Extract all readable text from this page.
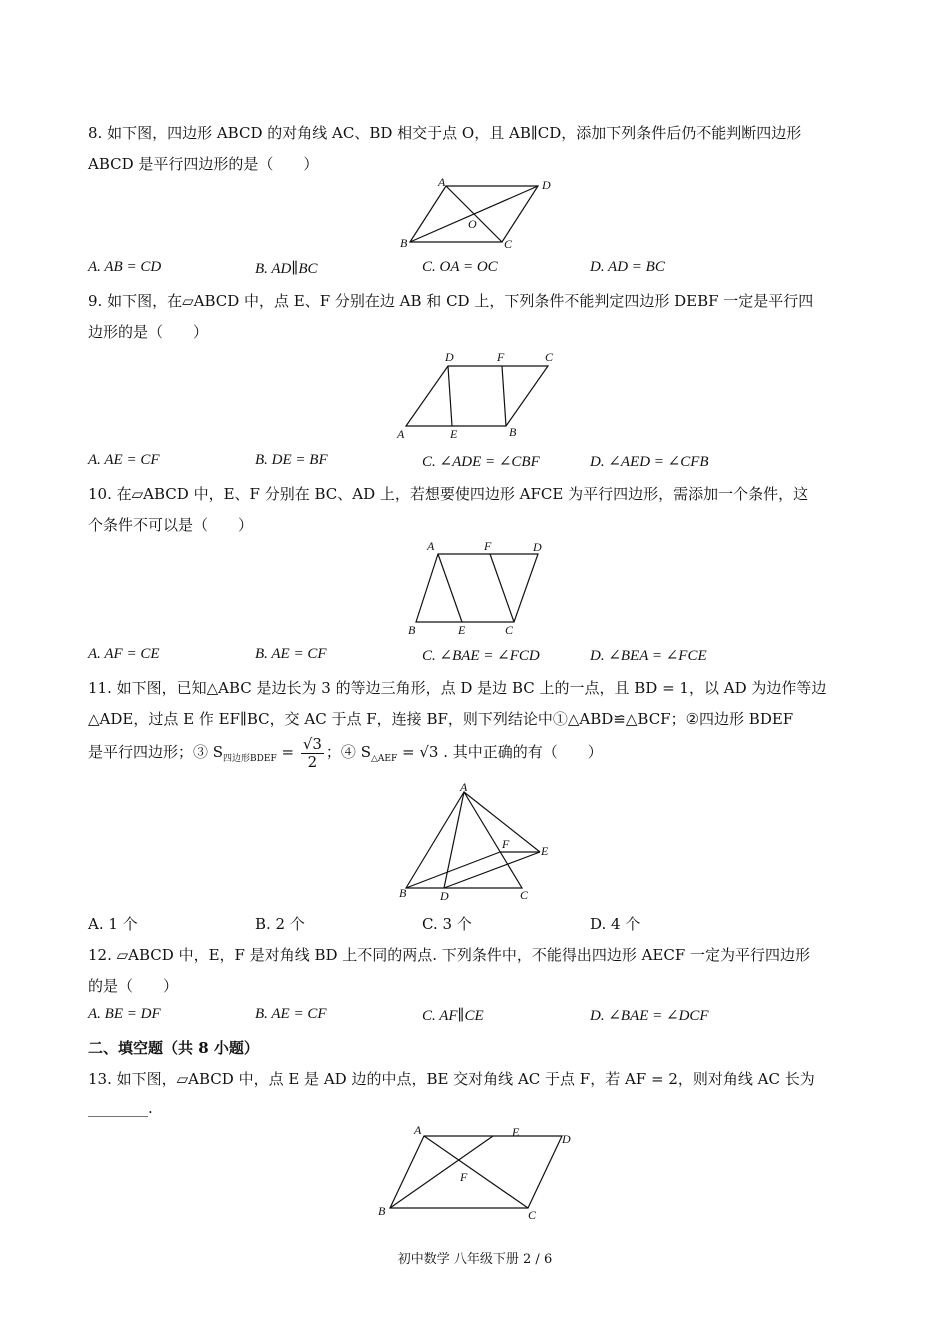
8. 如下图，四边形 ABCD 的对角线 AC、BD 相交于点 O，且 AB∥CD，添加下列条件后仍不能判断四边形
ABCD 是平行四边形的是（　　）
A	D
B	C
O
A. AB = CD	B. AD∥BC	C. OA = OC	D. AD = BC
9. 如下图，在▱ABCD 中，点 E、F 分别在边 AB 和 CD 上，下列条件不能判定四边形 DEBF 一定是平行四
边形的是（　　）
D	F	C
A	E	B
A. AE = CF	B. DE = BF	C. ∠ADE = ∠CBF	D. ∠AED = ∠CFB
10. 在▱ABCD 中，E、F 分别在 BC、AD 上，若想要使四边形 AFCE 为平行四边形，需添加一个条件，这
个条件不可以是（　　）
A	F	D
B	E	C
A. AF = CE	B. AE = CF	C. ∠BAE = ∠FCD	D. ∠BEA = ∠FCE
11. 如下图，已知△ABC 是边长为 3 的等边三角形，点 D 是边 BC 上的一点，且 BD = 1，以 AD 为边作等边
△ADE，过点 E 作 EF∥BC，交 AC 于点 F，连接 BF，则下列结论中①△ABD≌△BCF；②四边形 BDEF
是平行四边形；③ $S_{四边形BDEF} = \frac{√3}{2}$ ；④ $S_{\triangle AEF} = √3$ . 其中正确的有（　　）
A
F	E
B	D	C
A. 1 个	B. 2 个	C. 3 个	D. 4 个
12. ▱ABCD 中，E，F 是对角线 BD 上不同的两点. 下列条件中，不能得出四边形 AECF 一定为平行四边形
的是（　　）
A. BE = DF	B. AE = CF	C. AF∥CE	D. ∠BAE = ∠DCF
二、填空题（共 8 小题）
13. 如下图，▱ABCD 中，点 E 是 AD 边的中点，BE 交对角线 AC 于点 F，若 AF = 2，则对角线 AC 长为
________.
A	E	D
F
B	C
初中数学 八年级下册 2 / 6
